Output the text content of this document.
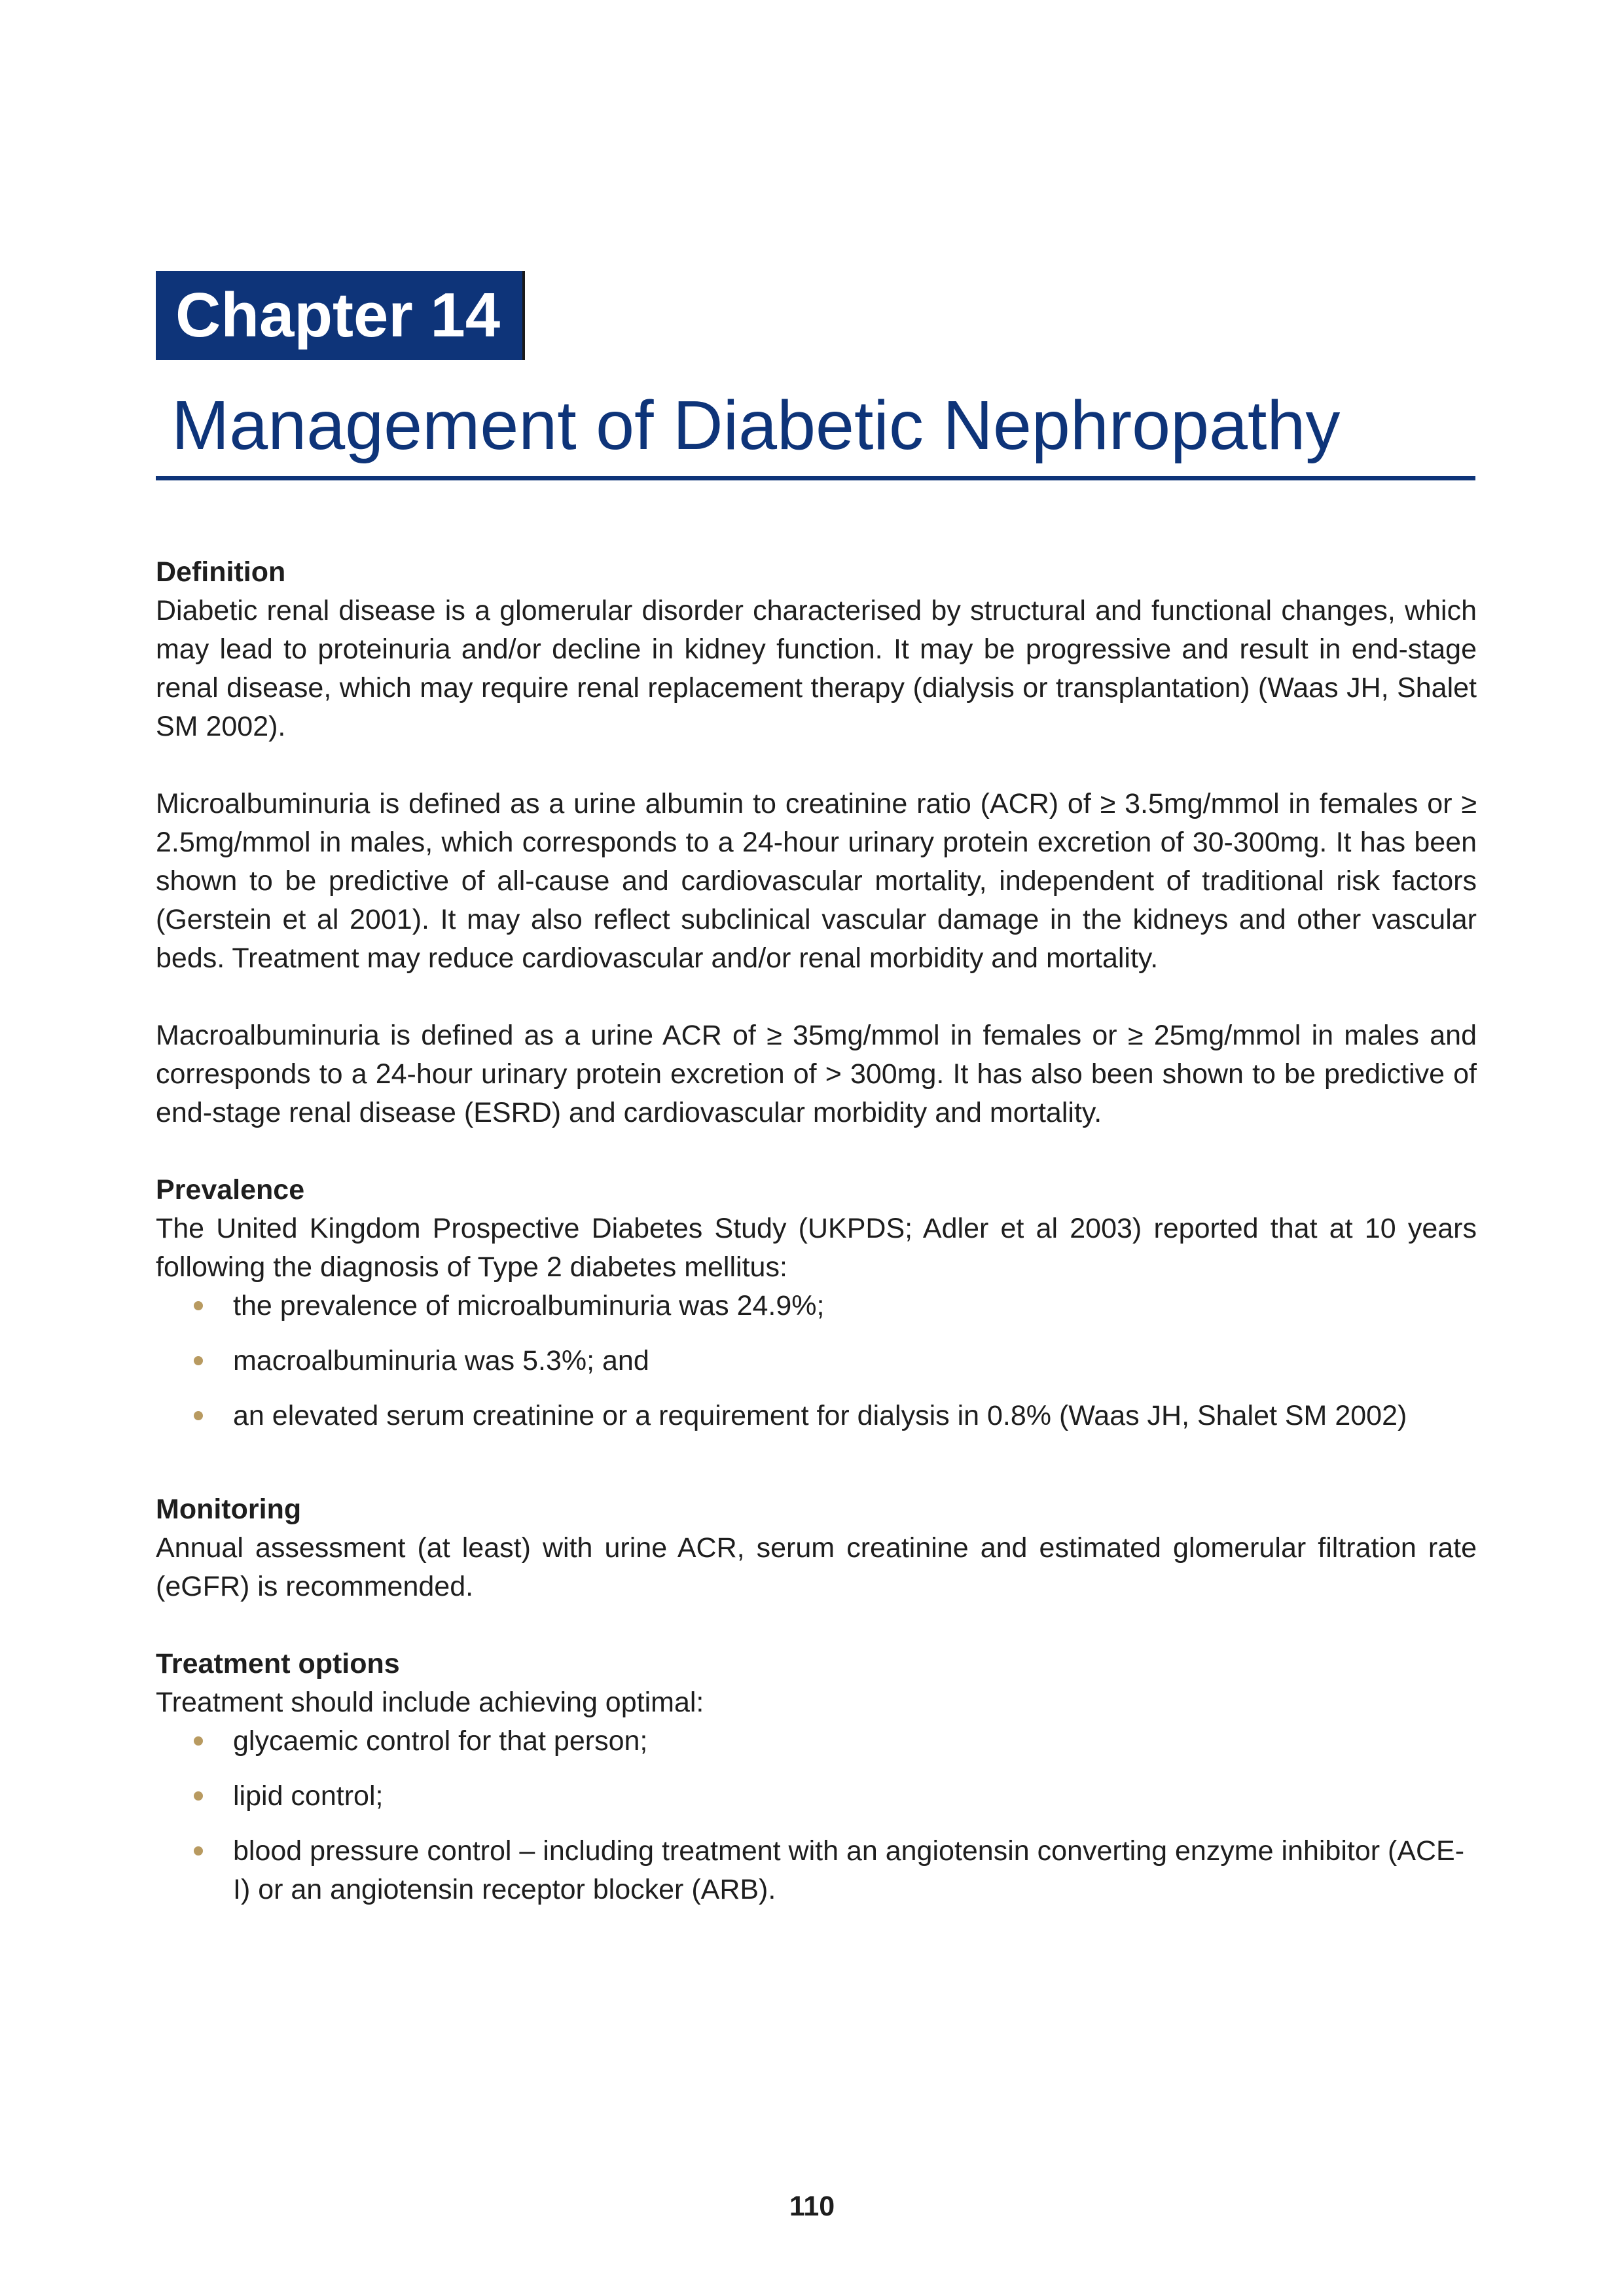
Chapter 14
Management of Diabetic Nephropathy

Definition

Diabetic renal disease is a glomerular disorder characterised by structural and functional changes, which may lead to proteinuria and/or decline in kidney function. It may be progressive and result in end-stage renal disease, which may require renal replacement therapy (dialysis or transplantation) (Waas JH, Shalet SM 2002).

Microalbuminuria is defined as a urine albumin to creatinine ratio (ACR) of ≥ 3.5mg/mmol in females or ≥ 2.5mg/mmol in males, which corresponds to a 24-hour urinary protein excretion of 30-300mg. It has been shown to be predictive of all-cause and cardiovascular mortality, independent of traditional risk factors (Gerstein et al 2001). It may also reflect subclinical vascular damage in the kidneys and other vascular beds. Treatment may reduce cardiovascular and/or renal morbidity and mortality.

Macroalbuminuria is defined as a urine ACR of ≥ 35mg/mmol in females or ≥ 25mg/mmol in males and corresponds to a 24-hour urinary protein excretion of > 300mg. It has also been shown to be predictive of end-stage renal disease (ESRD) and cardiovascular morbidity and mortality.

Prevalence

The United Kingdom Prospective Diabetes Study (UKPDS; Adler et al 2003) reported that at 10 years following the diagnosis of Type 2 diabetes mellitus:

the prevalence of microalbuminuria was 24.9%;
macroalbuminuria was 5.3%; and
an elevated serum creatinine or a requirement for dialysis in 0.8% (Waas JH, Shalet SM 2002)

Monitoring

Annual assessment (at least) with urine ACR, serum creatinine and estimated glomerular filtration rate (eGFR) is recommended.

Treatment options

Treatment should include achieving optimal:

glycaemic control for that person;
lipid control;
blood pressure control – including treatment with an angiotensin converting enzyme inhibitor (ACE-I) or an angiotensin receptor blocker (ARB).
110
